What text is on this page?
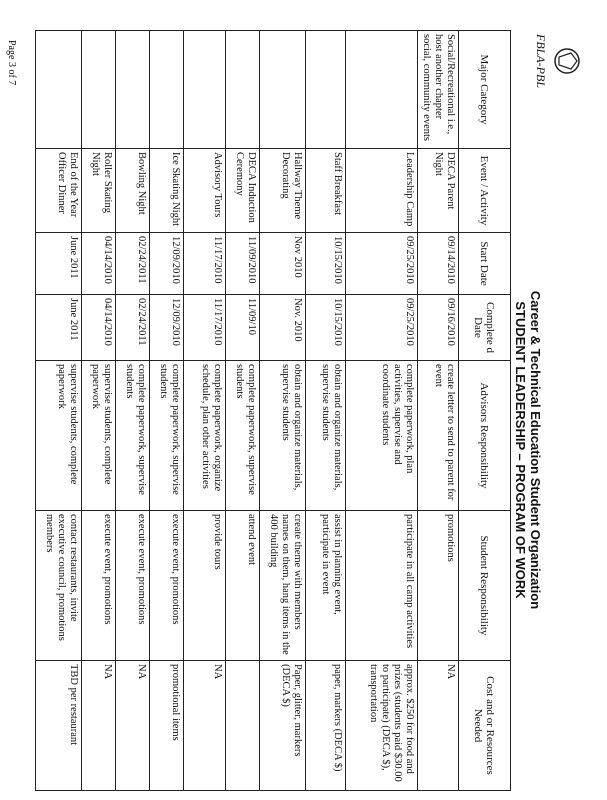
FBLA-PBL
Career & Technical Education Student Organization
STUDENT LEADERSHIP – PROGRAM OF WORK
Major Category	Event / Activity	Start Date	Complete d Date	Advisors Responsibility	Student Responsibility	Cost and or Resources Needed
Social/Recreational i.e., host another chapter social, community events	DECA Parent Night	09/14/2010	09/16/2010	create letter to send to parent for event	promotions	NA
	Leadership Camp	09/25/2010	09/25/2010	complete paperwork, plan activities, supervise and coordinate students	participate in all camp activities	approx. $250 for food and prizes (students paid $30.00 to participate) (DECA $), transportation
	Staff Breakfast	10/15/2010	10/15/2010	obtain and organize materials, supervise students	assist in planning event, participate in event	paper, markers (DECA $)
	Hallway Theme Decorating	Nov 2010	Nov. 2010	obtain and organize materials, supervise students	create theme with members names on them, hang items in the 400 building	Paper, glitter, markers (DECA $)
	DECA Induction Ceremony	11/09/2010	11/09/10	complete paperwork, supervise students	attend event	
	Advisory Tours	11/17/2010	11/17/2010	complete paperwork, organize schedule, plan other activities	provide tours	NA
	Ice Skating Night	12/09/2010	12/09/2010	complete paperwork, supervise students	execute event, promotions	promotional items
	Bowling Night	02/24/2011	02/24/2011	complete paperwork, supervise students	execute event, promotions	NA
	Roller Skating Night	04/14/2010	04/14/2010	supervise students, complete paperwork	execute event, promotions	NA
	End of the Year Officer Dinner	June 2011	June 2011	supervise students, complete paperwork	contact restaurants, invite executive council, promotions members	TBD per restaurant
Page 3 of 7
